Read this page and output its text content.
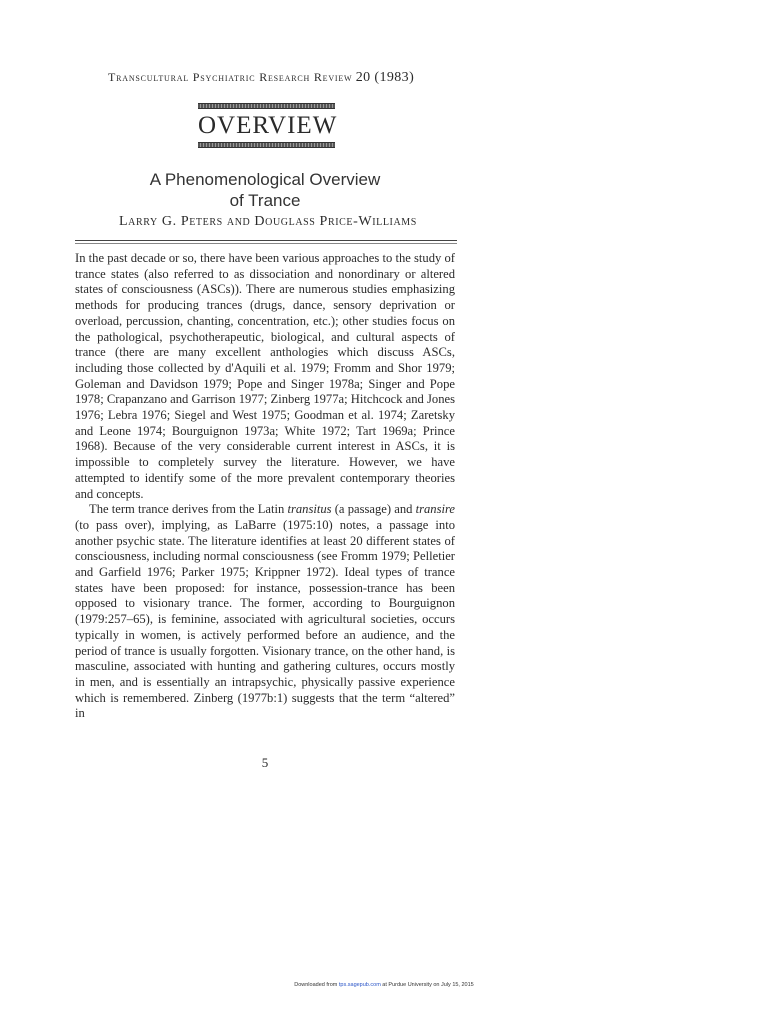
Transcultural Psychiatric Research Review 20 (1983)
OVERVIEW
A Phenomenological Overview
of Trance
Larry G. Peters and Douglass Price-Williams

In the past decade or so, there have been various approaches to the study of trance states (also referred to as dissociation and nonordinary or altered states of consciousness (ASCs)). There are numerous studies emphasizing methods for producing trances (drugs, dance, sensory deprivation or overload, percussion, chanting, concentration, etc.); other studies focus on the pathological, psychotherapeutic, biological, and cultural aspects of trance (there are many excellent anthologies which discuss ASCs, including those collected by d'Aquili et al. 1979; Fromm and Shor 1979; Goleman and Davidson 1979; Pope and Singer 1978a; Singer and Pope 1978; Crapanzano and Garrison 1977; Zinberg 1977a; Hitchcock and Jones 1976; Lebra 1976; Siegel and West 1975; Goodman et al. 1974; Zaretsky and Leone 1974; Bourguignon 1973a; White 1972; Tart 1969a; Prince 1968). Because of the very considerable current interest in ASCs, it is impossible to completely survey the literature. However, we have attempted to identify some of the more prevalent contemporary theories and concepts.

The term trance derives from the Latin transitus (a passage) and transire (to pass over), implying, as LaBarre (1975:10) notes, a passage into another psychic state. The literature identifies at least 20 different states of consciousness, including normal consciousness (see Fromm 1979; Pelletier and Garfield 1976; Parker 1975; Krippner 1972). Ideal types of trance states have been proposed: for instance, possession-trance has been opposed to visionary trance. The former, according to Bourguignon (1979:257–65), is feminine, associated with agricultural societies, occurs typically in women, is actively performed before an audience, and the period of trance is usually forgotten. Visionary trance, on the other hand, is masculine, associated with hunting and gathering cultures, occurs mostly in men, and is essentially an intrapsychic, physically passive experience which is remembered. Zinberg (1977b:1) suggests that the term “altered” in

5
Downloaded from tps.sagepub.com at Purdue University on July 15, 2015
